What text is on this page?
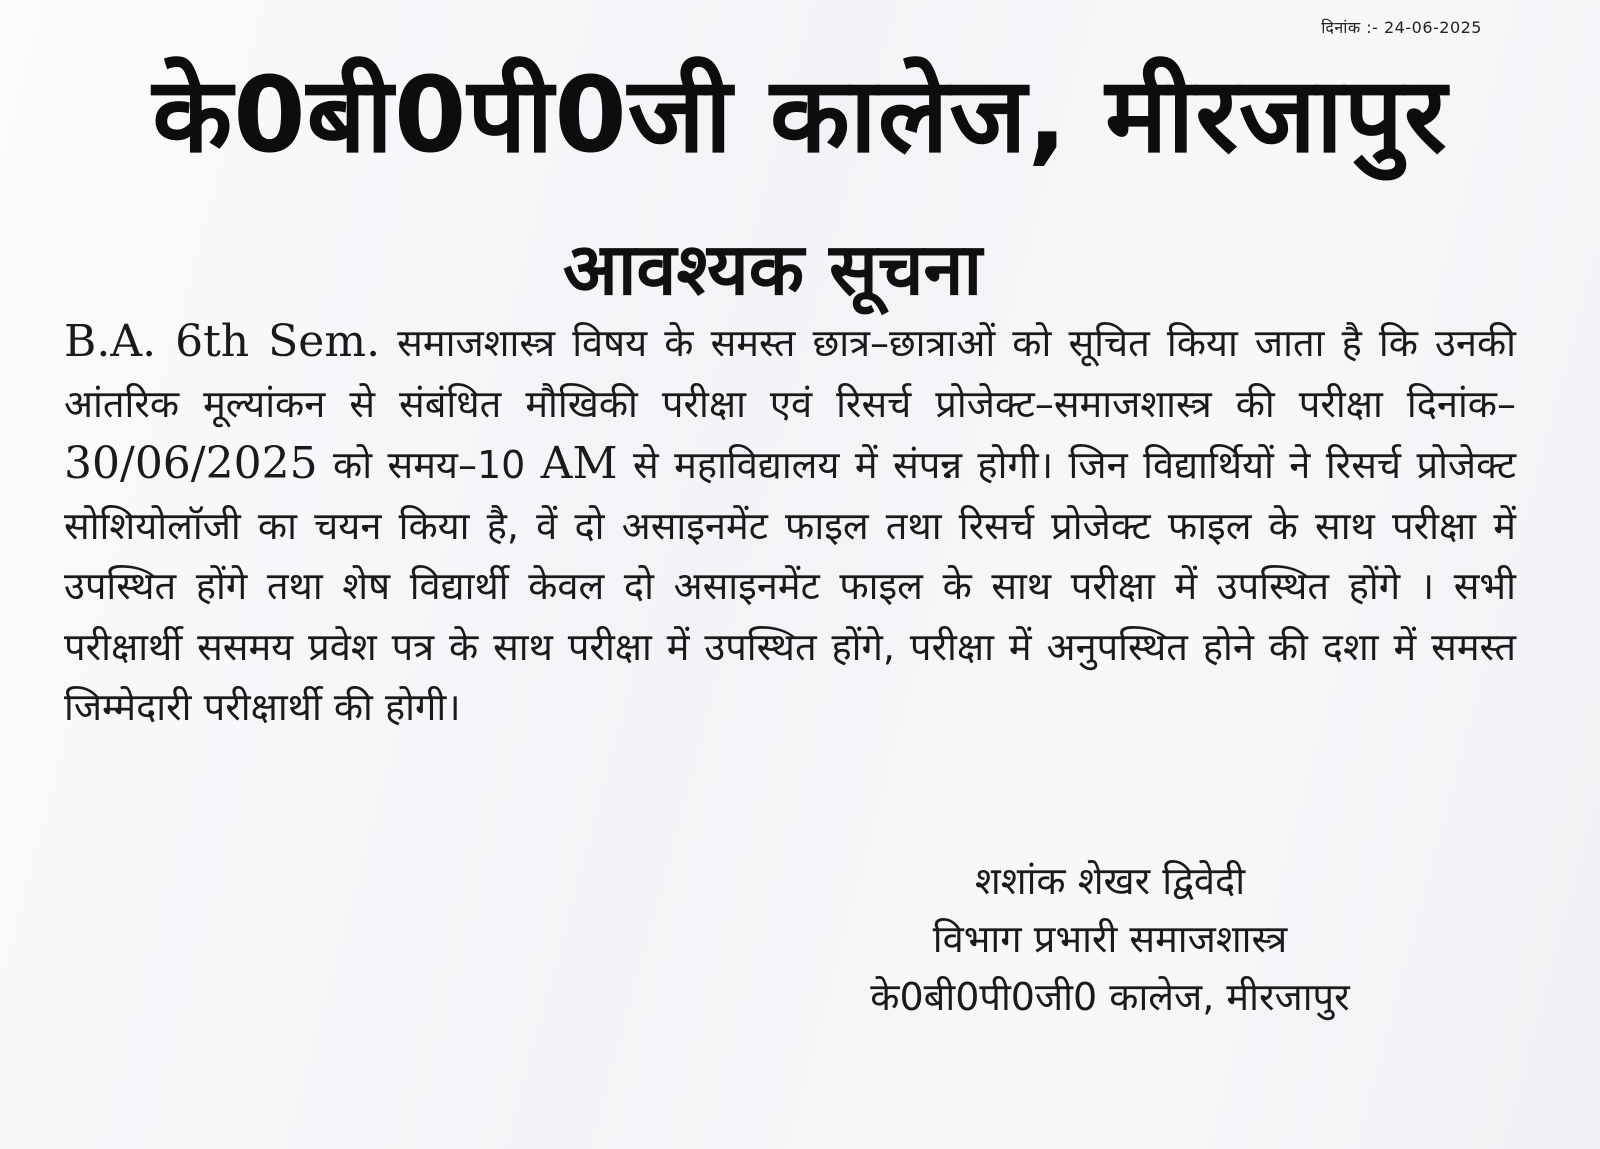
दिनांक :- 24-06-2025
के0बी0पी0जी कालेज, मीरजापुर
आवश्यक सूचना
B.A. 6th Sem. समाजशास्त्र विषय के समस्त छात्र–छात्राओं को सूचित किया जाता है कि उनकी आंतरिक मूल्यांकन से संबंधित मौखिकी परीक्षा एवं रिसर्च प्रोजेक्ट–समाजशास्त्र की परीक्षा दिनांक–30/06/2025 को समय–10 AM से महाविद्यालय में संपन्न होगी। जिन विद्यार्थियों ने रिसर्च प्रोजेक्ट सोशियोलॉजी का चयन किया है, वें दो असाइनमेंट फाइल तथा रिसर्च प्रोजेक्ट फाइल के साथ परीक्षा में उपस्थित होंगे तथा शेष विद्यार्थी केवल दो असाइनमेंट फाइल के साथ परीक्षा में उपस्थित होंगे । सभी परीक्षार्थी ससमय प्रवेश पत्र के साथ परीक्षा में उपस्थित होंगे, परीक्षा में अनुपस्थित होने की दशा में समस्त जिम्मेदारी परीक्षार्थी की होगी।
शशांक शेखर द्विवेदी
विभाग प्रभारी समाजशास्त्र
के0बी0पी0जी0 कालेज, मीरजापुर
